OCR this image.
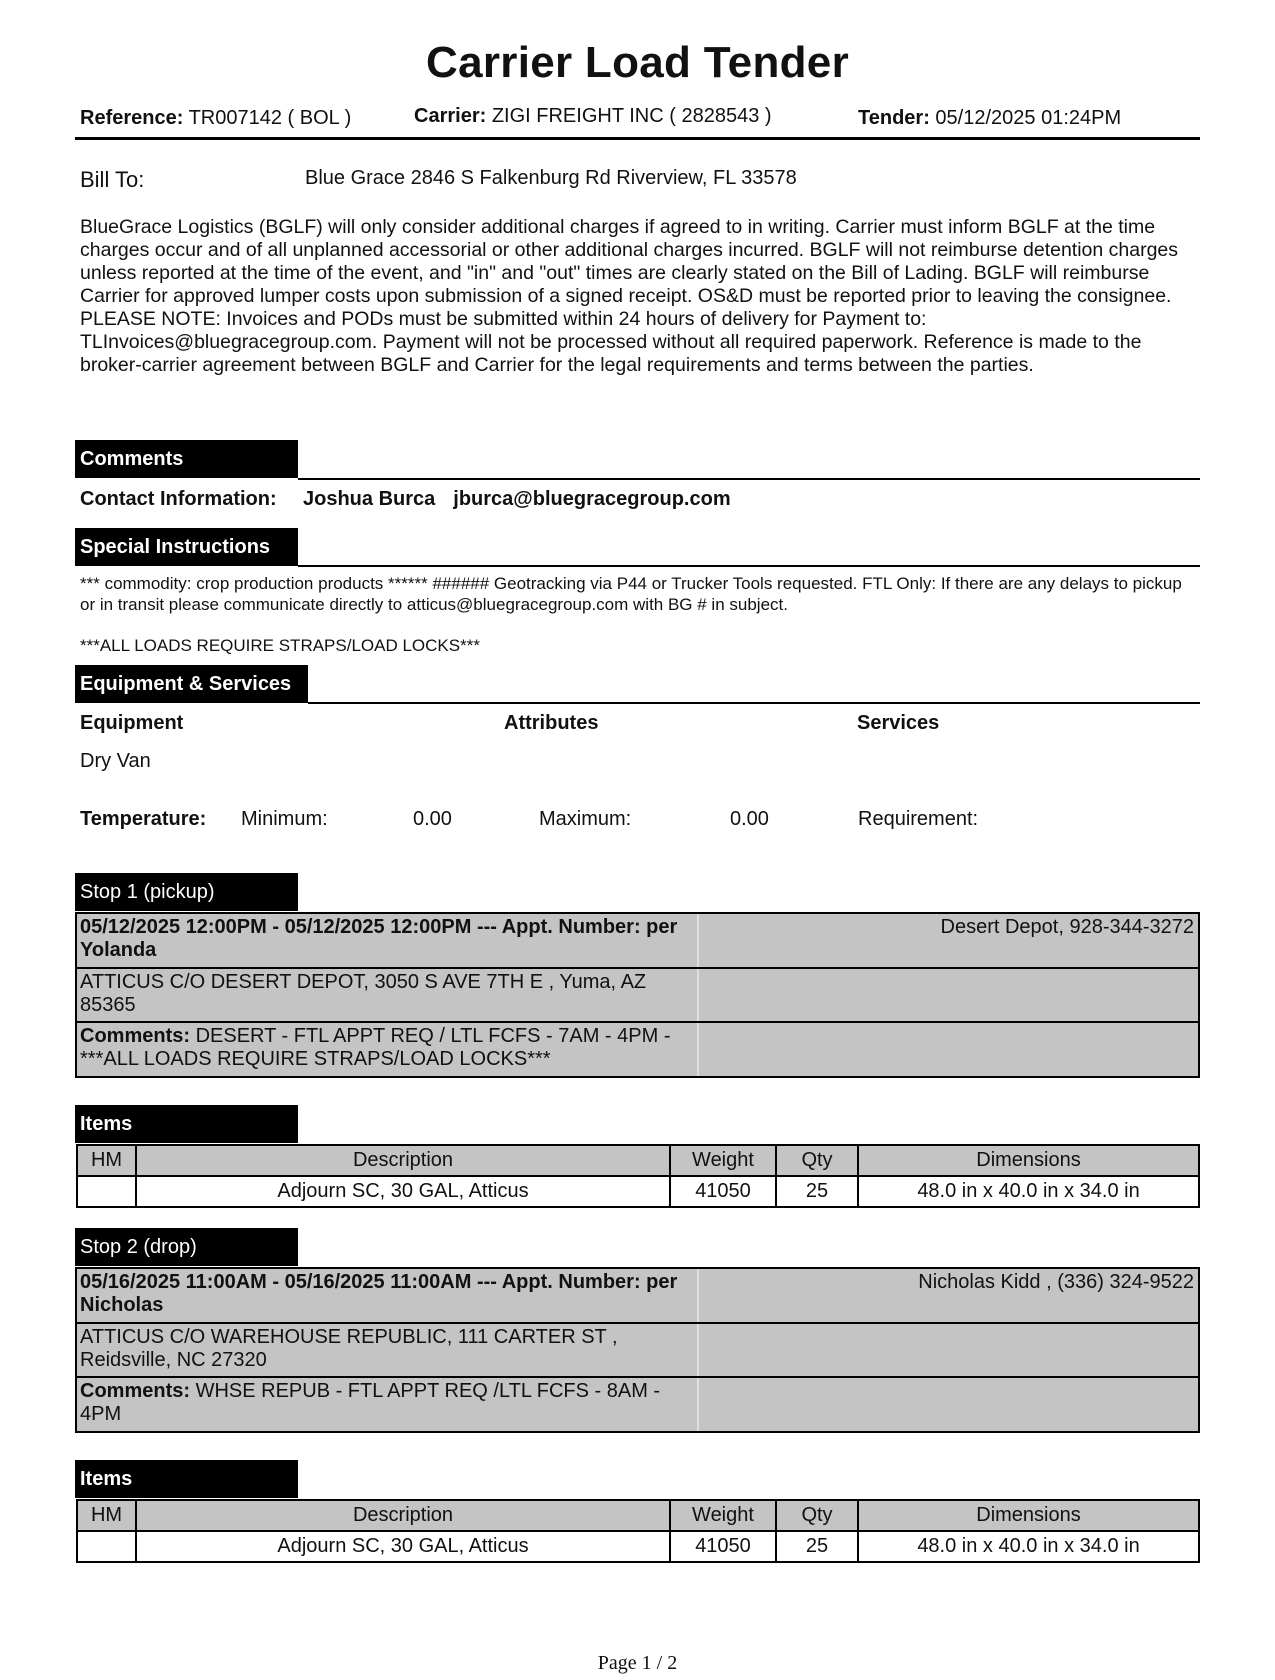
Carrier Load Tender
Reference: TR007142 ( BOL )	Carrier: ZIGI FREIGHT INC ( 2828543 )	Tender: 05/12/2025 01:24PM
Bill To:	Blue Grace 2846 S Falkenburg Rd Riverview, FL 33578
BlueGrace Logistics (BGLF) will only consider additional charges if agreed to in writing. Carrier must inform BGLF at the time charges occur and of all unplanned accessorial or other additional charges incurred. BGLF will not reimburse detention charges unless reported at the time of the event, and "in" and "out" times are clearly stated on the Bill of Lading. BGLF will reimburse Carrier for approved lumper costs upon submission of a signed receipt. OS&D must be reported prior to leaving the consignee. PLEASE NOTE: Invoices and PODs must be submitted within 24 hours of delivery for Payment to: TLInvoices@bluegracegroup.com. Payment will not be processed without all required paperwork. Reference is made to the broker-carrier agreement between BGLF and Carrier for the legal requirements and terms between the parties.
Comments
Contact Information: Joshua Burca jburca@bluegracegroup.com
Special Instructions
*** commodity: crop production products ****** ###### Geotracking via P44 or Trucker Tools requested. FTL Only: If there are any delays to pickup or in transit please communicate directly to atticus@bluegracegroup.com with BG # in subject.
***ALL LOADS REQUIRE STRAPS/LOAD LOCKS***
Equipment & Services
Equipment	Attributes	Services
Dry Van
Temperature: Minimum:	0.00	Maximum:	0.00	Requirement:
Stop 1 (pickup)
05/12/2025 12:00PM - 05/12/2025 12:00PM --- Appt. Number: per Yolanda
Desert Depot, 928-344-3272
ATTICUS C/O DESERT DEPOT, 3050 S AVE 7TH E , Yuma, AZ 85365
Comments: DESERT - FTL APPT REQ / LTL FCFS - 7AM - 4PM - ***ALL LOADS REQUIRE STRAPS/LOAD LOCKS***
Items
HM	Description	Weight	Qty	Dimensions
	Adjourn SC, 30 GAL, Atticus	41050	25	48.0 in x 40.0 in x 34.0 in
Stop 2 (drop)
05/16/2025 11:00AM - 05/16/2025 11:00AM --- Appt. Number: per Nicholas
Nicholas Kidd , (336) 324-9522
ATTICUS C/O WAREHOUSE REPUBLIC, 111 CARTER ST , Reidsville, NC 27320
Comments: WHSE REPUB - FTL APPT REQ /LTL FCFS - 8AM - 4PM
Items
HM	Description	Weight	Qty	Dimensions
	Adjourn SC, 30 GAL, Atticus	41050	25	48.0 in x 40.0 in x 34.0 in
Page 1 / 2
